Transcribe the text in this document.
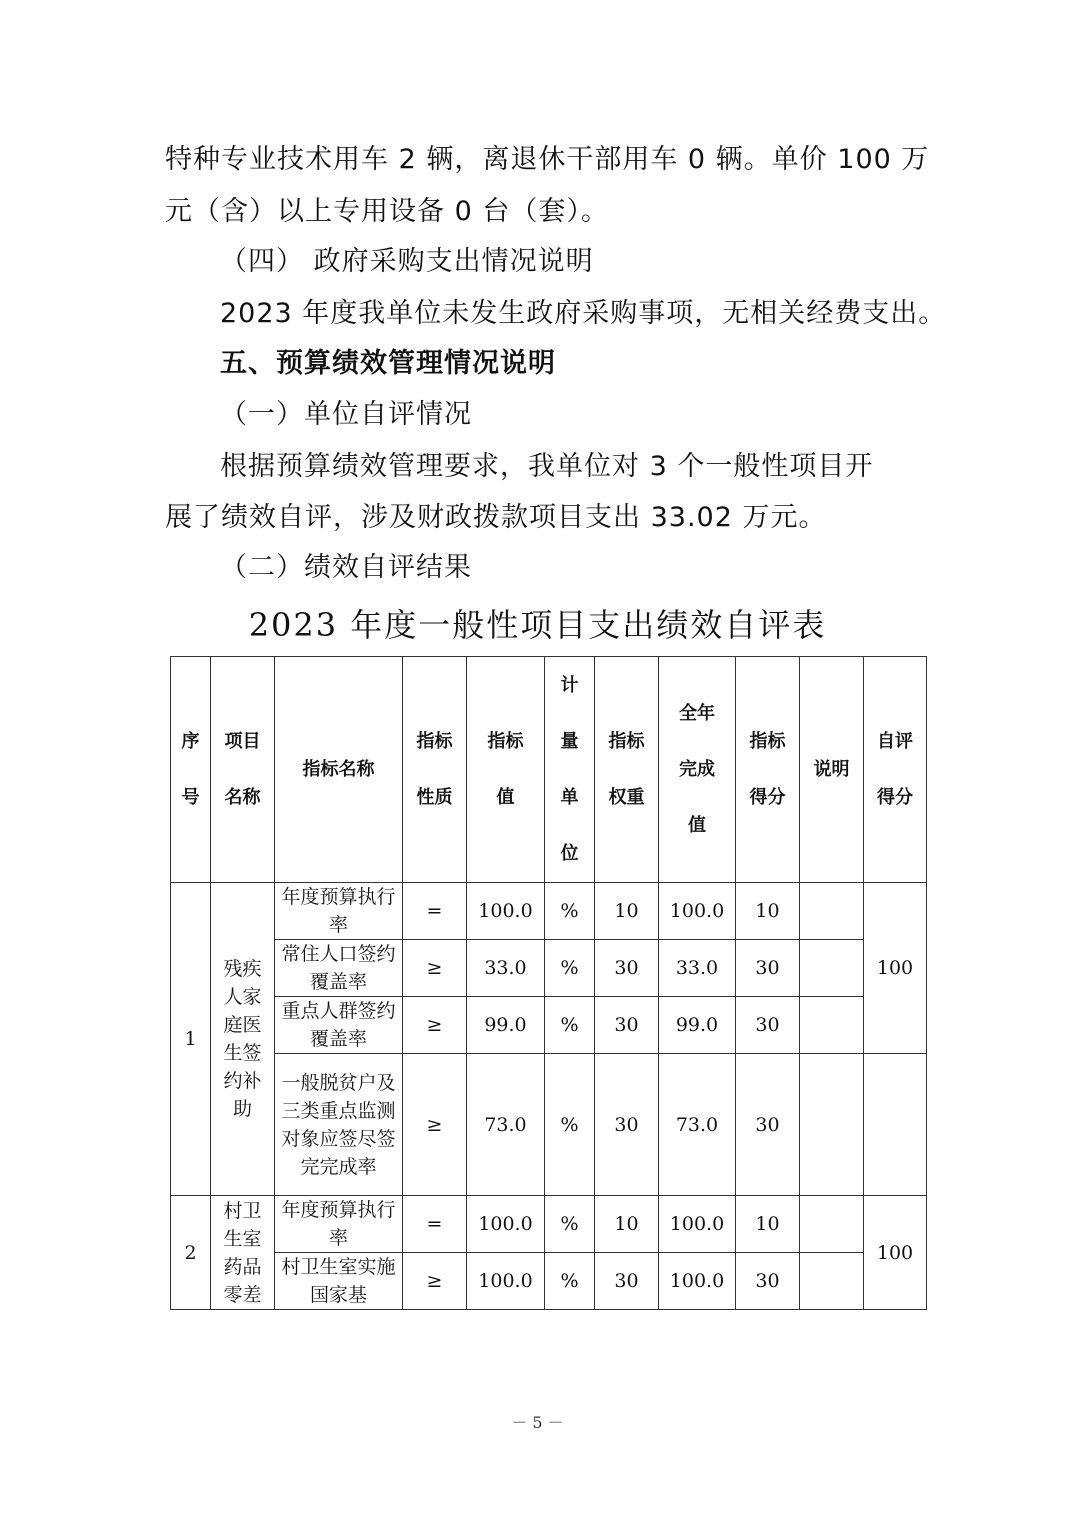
特种专业技术用车 2 辆，离退休干部用车 0 辆。单价 100 万
元（含）以上专用设备 0 台（套）。
（四） 政府采购支出情况说明
2023 年度我单位未发生政府采购事项，无相关经费支出。
五、预算绩效管理情况说明
（一）单位自评情况
根据预算绩效管理要求，我单位对 3 个一般性项目开
展了绩效自评，涉及财政拨款项目支出 33.02 万元。
（二）绩效自评结果
2023 年度一般性项目支出绩效自评表
序号	项目名称	指标名称	指标性质	指标值	计量单位	指标权重	全年完成值	指标得分	说明	自评得分
1	残疾人家庭医生签约补助	年度预算执行率	=	100.0	%	10	100.0	10		100

		常住人口签约覆盖率	≥	33.0	%	30	33.0	30		

		重点人群签约覆盖率	≥	99.0	%	30	99.0	30		

		一般脱贫户及三类重点监测对象应签尽签完完成率	≥	73.0	%	30	73.0	30		
2	村卫生室药品零差	年度预算执行率	=	100.0	%	10	100.0	10		100

		村卫生室实施国家基	≥	100.0	%	30	100.0	30		
－ 5 －
